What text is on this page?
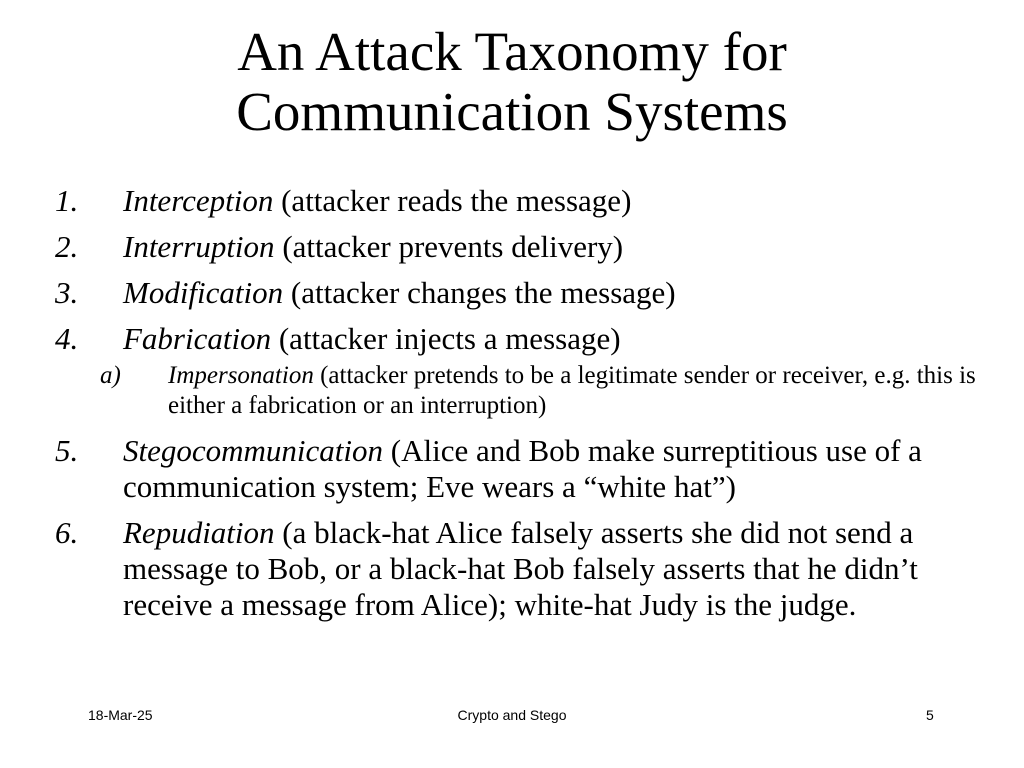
An Attack Taxonomy for
Communication Systems
1. Interception (attacker reads the message)
2. Interruption (attacker prevents delivery)
3. Modification (attacker changes the message)
4. Fabrication (attacker injects a message)
a) Impersonation (attacker pretends to be a legitimate sender or receiver, e.g. this is either a fabrication or an interruption)
5. Stegocommunication (Alice and Bob make surreptitious use of a communication system; Eve wears a “white hat”)
6. Repudiation (a black-hat Alice falsely asserts she did not send a message to Bob, or a black-hat Bob falsely asserts that he didn’t receive a message from Alice); white-hat Judy is the judge.
18-Mar-25	Crypto and Stego	5
